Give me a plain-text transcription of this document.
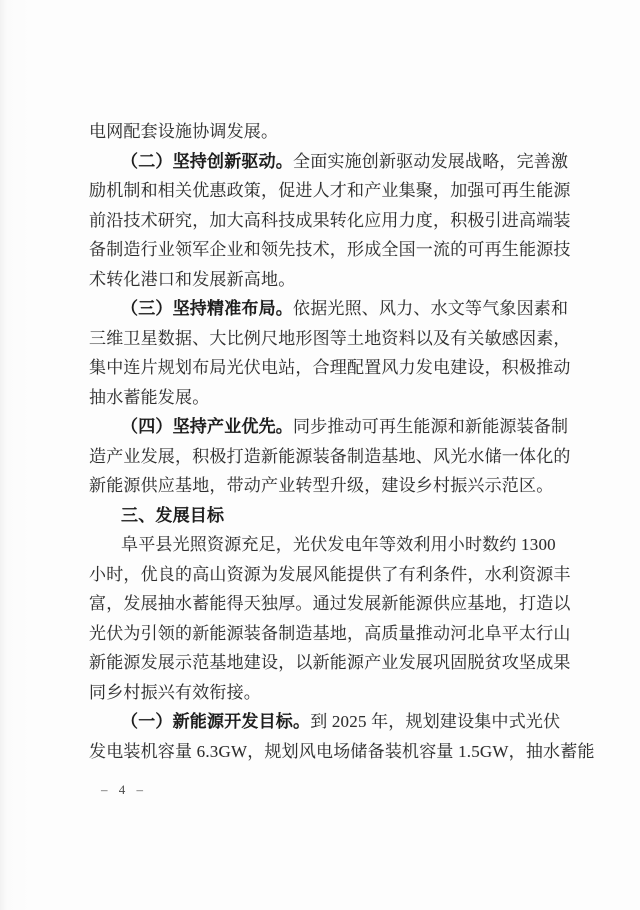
电网配套设施协调发展。
（二）坚持创新驱动。全面实施创新驱动发展战略，完善激
励机制和相关优惠政策，促进人才和产业集聚，加强可再生能源
前沿技术研究，加大高科技成果转化应用力度，积极引进高端装
备制造行业领军企业和领先技术，形成全国一流的可再生能源技
术转化港口和发展新高地。
（三）坚持精准布局。依据光照、风力、水文等气象因素和
三维卫星数据、大比例尺地形图等土地资料以及有关敏感因素，
集中连片规划布局光伏电站，合理配置风力发电建设，积极推动
抽水蓄能发展。
（四）坚持产业优先。同步推动可再生能源和新能源装备制
造产业发展，积极打造新能源装备制造基地、风光水储一体化的
新能源供应基地，带动产业转型升级，建设乡村振兴示范区。
三、发展目标
阜平县光照资源充足，光伏发电年等效利用小时数约 1300
小时，优良的高山资源为发展风能提供了有利条件，水利资源丰
富，发展抽水蓄能得天独厚。通过发展新能源供应基地，打造以
光伏为引领的新能源装备制造基地，高质量推动河北阜平太行山
新能源发展示范基地建设，以新能源产业发展巩固脱贫攻坚成果
同乡村振兴有效衔接。
（一）新能源开发目标。到 2025 年，规划建设集中式光伏
发电装机容量 6.3GW，规划风电场储备装机容量 1.5GW，抽水蓄能
– 4 –
